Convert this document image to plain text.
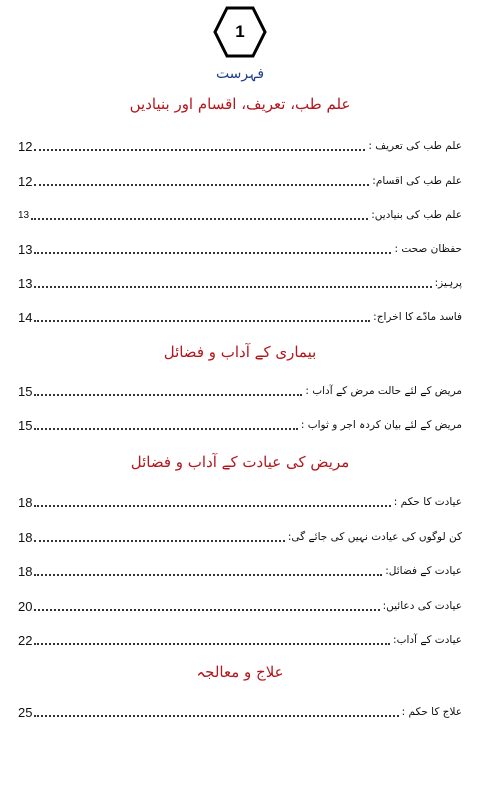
1
فہرست
علم طب، تعریف، اقسام اور بنیادیں
12	علم طب کی تعریف :
12	علم طب کی اقسام:
13	علم طب کی بنیادیں:
13	حفظان صحت :
13	پرہیز:
14	فاسد مادّے کا اخراج:
بیماری کے آداب و فضائل
15	مریض کے لئے حالت مرض کے آداب :
15	مریض کے لئے بیان کردہ اجر و ثواب :
مریض کی عیادت کے آداب و فضائل
18	عیادت کا حکم :
18	کن لوگوں کی عیادت نہیں کی جائے گی:
18	عیادت کے فضائل:
20	عیادت کی دعائیں:
22	عیادت کے آداب:
علاج و معالجہ
25	علاج کا حکم :
